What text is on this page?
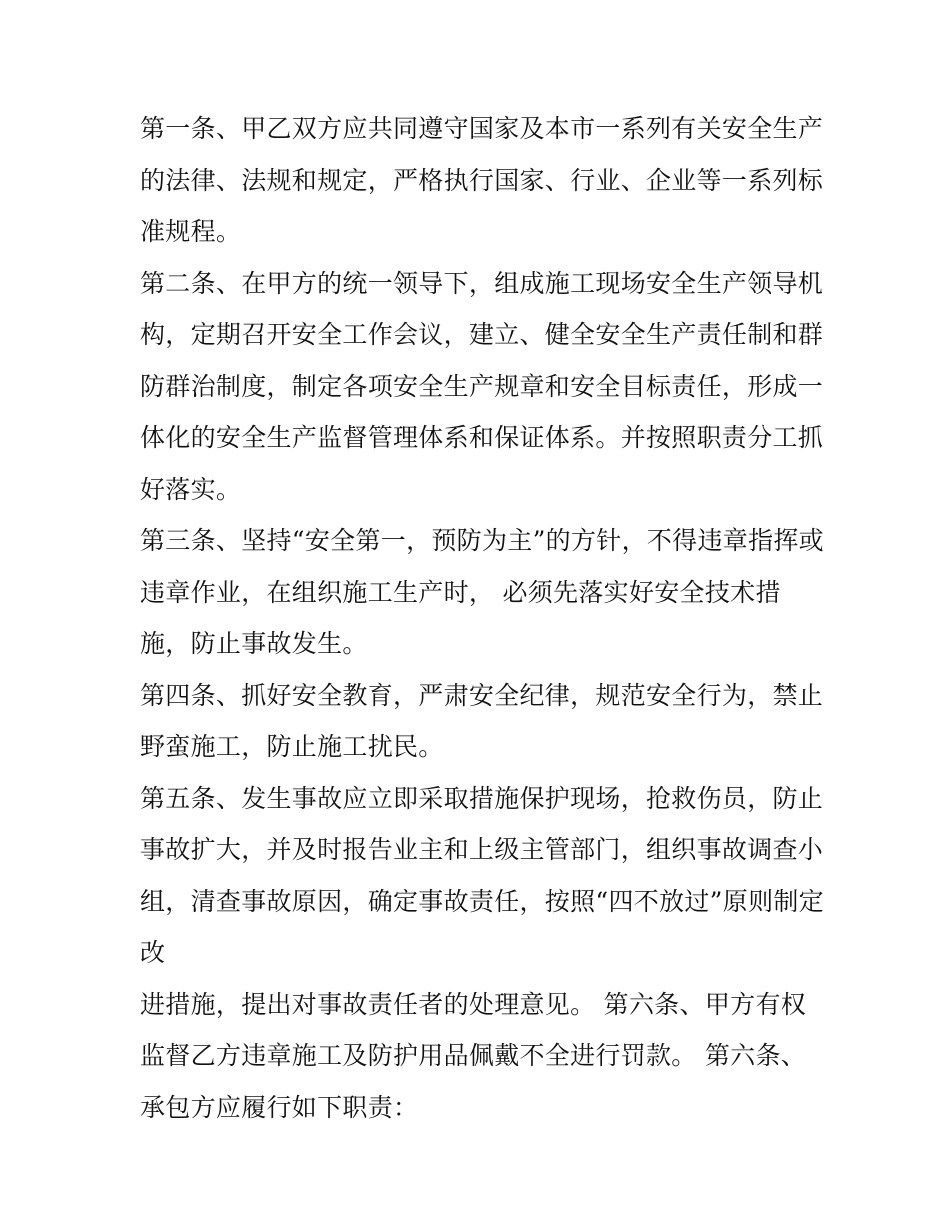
第一条、甲乙双方应共同遵守国家及本市一系列有关安全生产
的法律、法规和规定，严格执行国家、行业、企业等一系列标
准规程。
第二条、在甲方的统一领导下，组成施工现场安全生产领导机
构，定期召开安全工作会议，建立、健全安全生产责任制和群
防群治制度，制定各项安全生产规章和安全目标责任，形成一
体化的安全生产监督管理体系和保证体系。并按照职责分工抓
好落实。
第三条、坚持“安全第一，预防为主”的方针，不得违章指挥或
违章作业，在组织施工生产时， 必须先落实好安全技术措
施，防止事故发生。
第四条、抓好安全教育，严肃安全纪律，规范安全行为，禁止
野蛮施工，防止施工扰民。
第五条、发生事故应立即采取措施保护现场，抢救伤员，防止
事故扩大，并及时报告业主和上级主管部门，组织事故调查小
组，清查事故原因，确定事故责任，按照“四不放过”原则制定
改
进措施，提出对事故责任者的处理意见。 第六条、甲方有权
监督乙方违章施工及防护用品佩戴不全进行罚款。 第六条、
承包方应履行如下职责：
